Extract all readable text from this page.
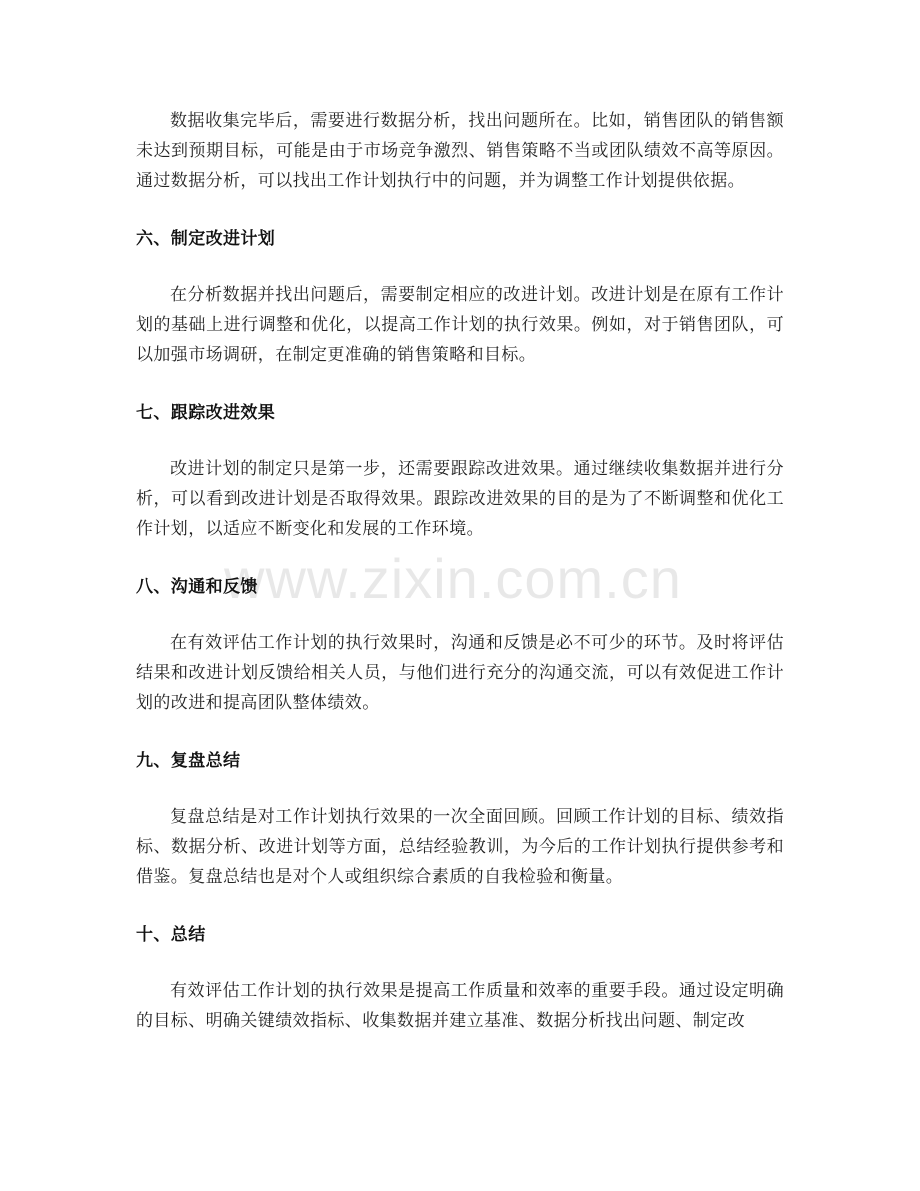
数据收集完毕后，需要进行数据分析，找出问题所在。比如，销售团队的销售额未达到预期目标，可能是由于市场竞争激烈、销售策略不当或团队绩效不高等原因。通过数据分析，可以找出工作计划执行中的问题，并为调整工作计划提供依据。

六、制定改进计划

在分析数据并找出问题后，需要制定相应的改进计划。改进计划是在原有工作计划的基础上进行调整和优化，以提高工作计划的执行效果。例如，对于销售团队，可以加强市场调研，在制定更准确的销售策略和目标。

七、跟踪改进效果

改进计划的制定只是第一步，还需要跟踪改进效果。通过继续收集数据并进行分析，可以看到改进计划是否取得效果。跟踪改进效果的目的是为了不断调整和优化工作计划，以适应不断变化和发展的工作环境。

八、沟通和反馈

在有效评估工作计划的执行效果时，沟通和反馈是必不可少的环节。及时将评估结果和改进计划反馈给相关人员，与他们进行充分的沟通交流，可以有效促进工作计划的改进和提高团队整体绩效。

九、复盘总结

复盘总结是对工作计划执行效果的一次全面回顾。回顾工作计划的目标、绩效指标、数据分析、改进计划等方面，总结经验教训，为今后的工作计划执行提供参考和借鉴。复盘总结也是对个人或组织综合素质的自我检验和衡量。

十、总结

有效评估工作计划的执行效果是提高工作质量和效率的重要手段。通过设定明确的目标、明确关键绩效指标、收集数据并建立基准、数据分析找出问题、制定改

www.zixin.com.cn
